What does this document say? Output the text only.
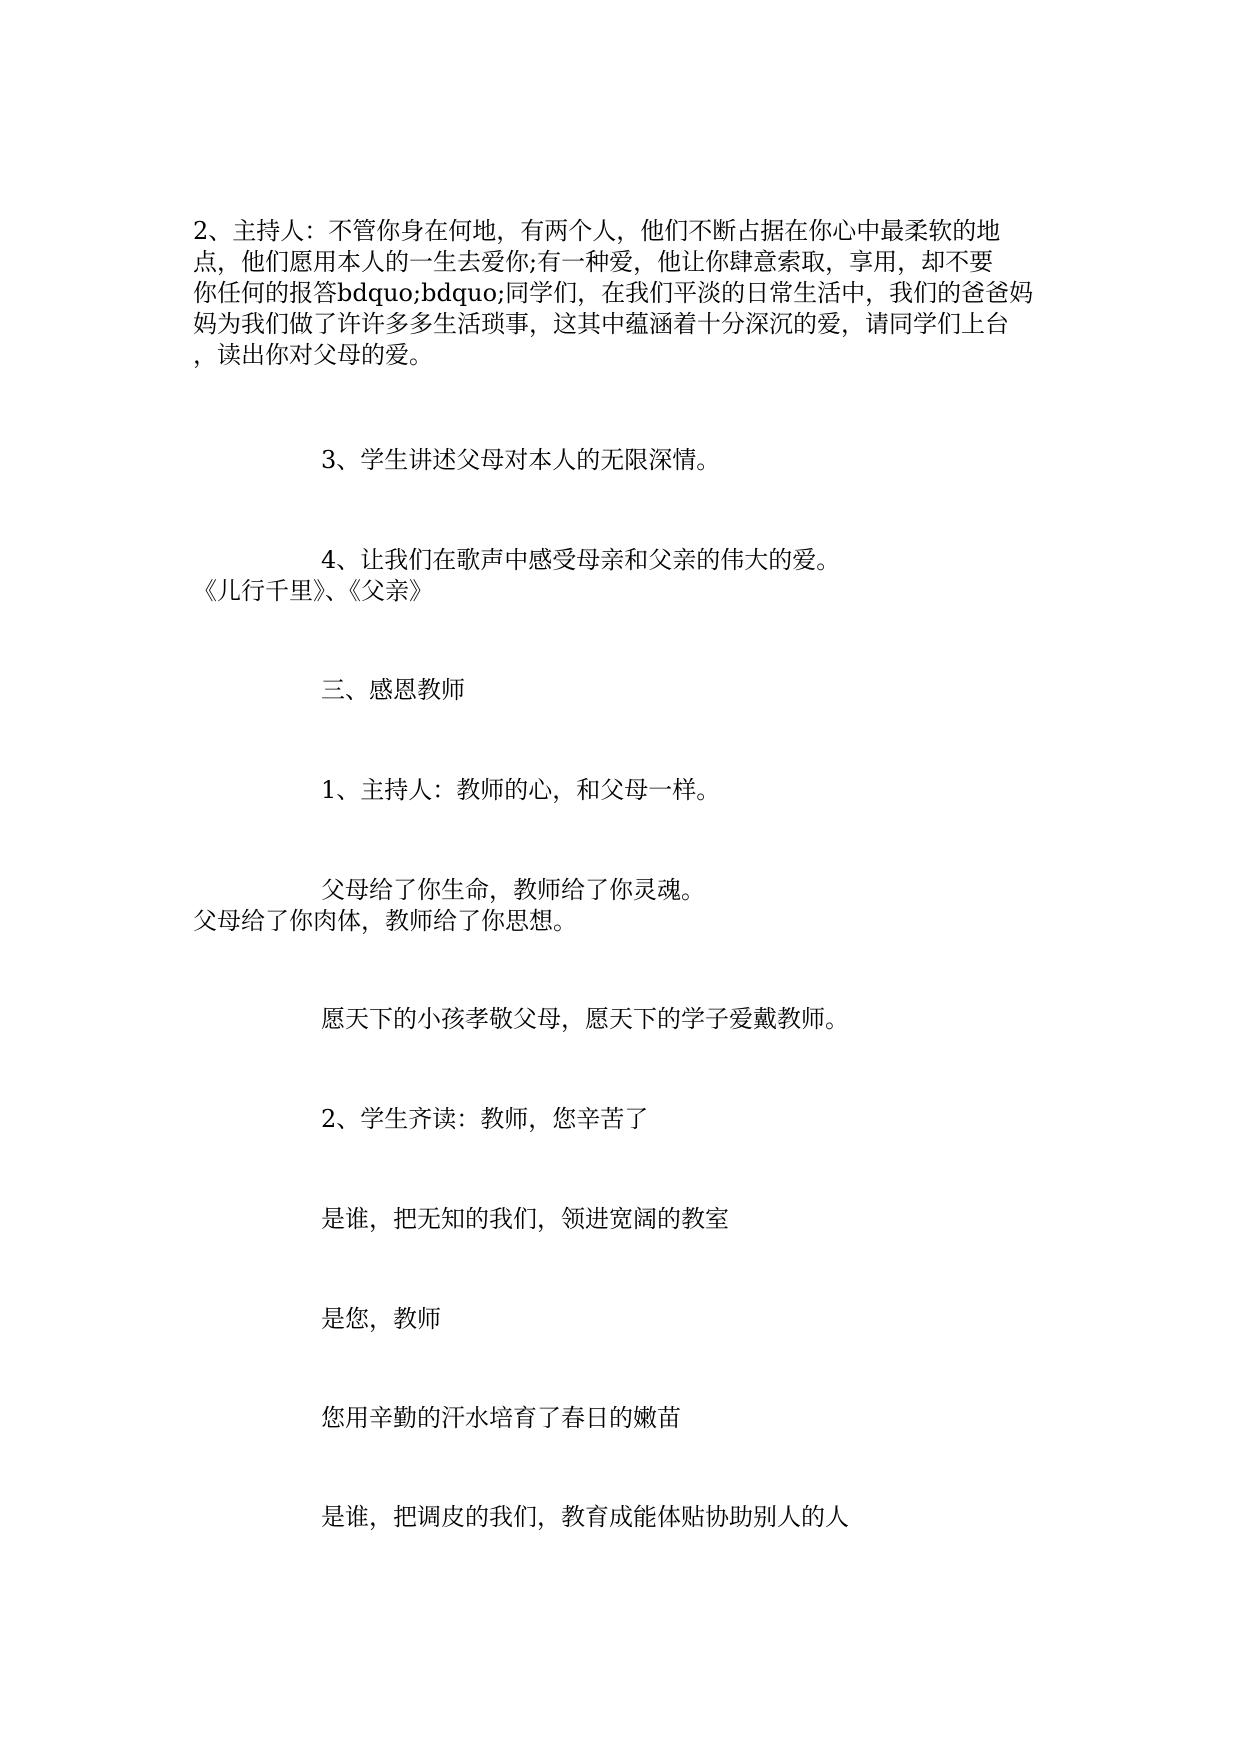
2、主持人：不管你身在何地，有两个人，他们不断占据在你心中最柔软的地
点，他们愿用本人的一生去爱你;有一种爱，他让你肆意索取，享用，却不要
你任何的报答bdquo;bdquo;同学们，在我们平淡的日常生活中，我们的爸爸妈
妈为我们做了许许多多生活琐事，这其中蕴涵着十分深沉的爱，请同学们上台
，读出你对父母的爱。
3、学生讲述父母对本人的无限深情。
4、让我们在歌声中感受母亲和父亲的伟大的爱。
《儿行千里》、《父亲》
三、感恩教师
1、主持人：教师的心，和父母一样。
父母给了你生命，教师给了你灵魂。
父母给了你肉体，教师给了你思想。
愿天下的小孩孝敬父母，愿天下的学子爱戴教师。
2、学生齐读：教师，您辛苦了
是谁，把无知的我们，领进宽阔的教室
是您，教师
您用辛勤的汗水培育了春日的嫩苗
是谁，把调皮的我们，教育成能体贴协助别人的人
